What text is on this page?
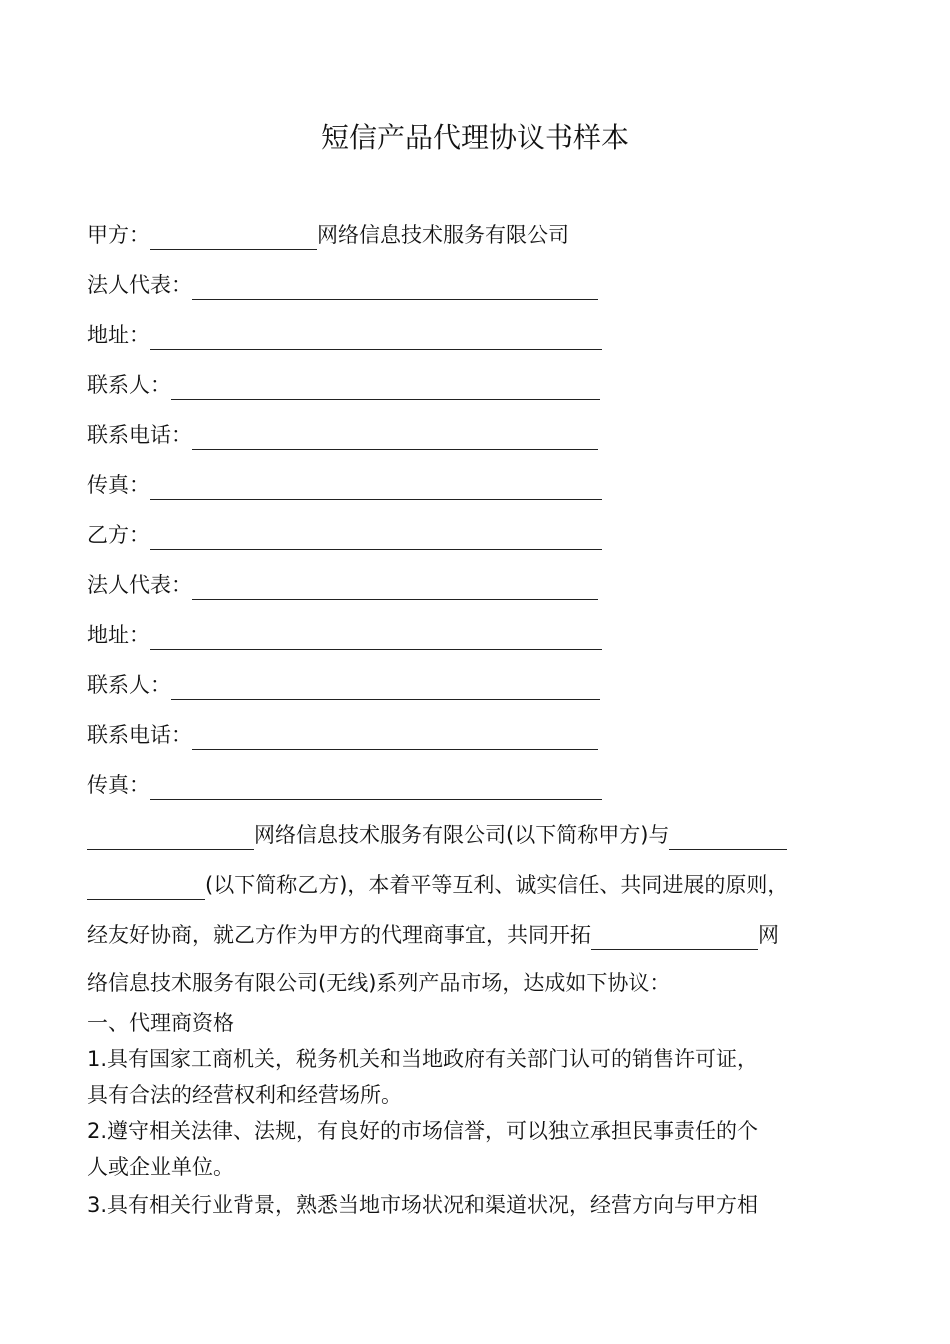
短信产品代理协议书样本
甲方：	网络信息技术服务有限公司
法人代表：
地址：
联系人：
联系电话：
传真：
乙方：
法人代表：
地址：
联系人：
联系电话：
传真：
网络信息技术服务有限公司(以下简称甲方)与
(以下简称乙方)，本着平等互利、诚实信任、共同进展的原则，
经友好协商，就乙方作为甲方的代理商事宜，共同开拓	网
络信息技术服务有限公司(无线)系列产品市场，达成如下协议：
一、代理商资格
1.具有国家工商机关，税务机关和当地政府有关部门认可的销售许可证，
具有合法的经营权利和经营场所。
2.遵守相关法律、法规，有良好的市场信誉，可以独立承担民事责任的个
人或企业单位。
3.具有相关行业背景，熟悉当地市场状况和渠道状况，经营方向与甲方相
